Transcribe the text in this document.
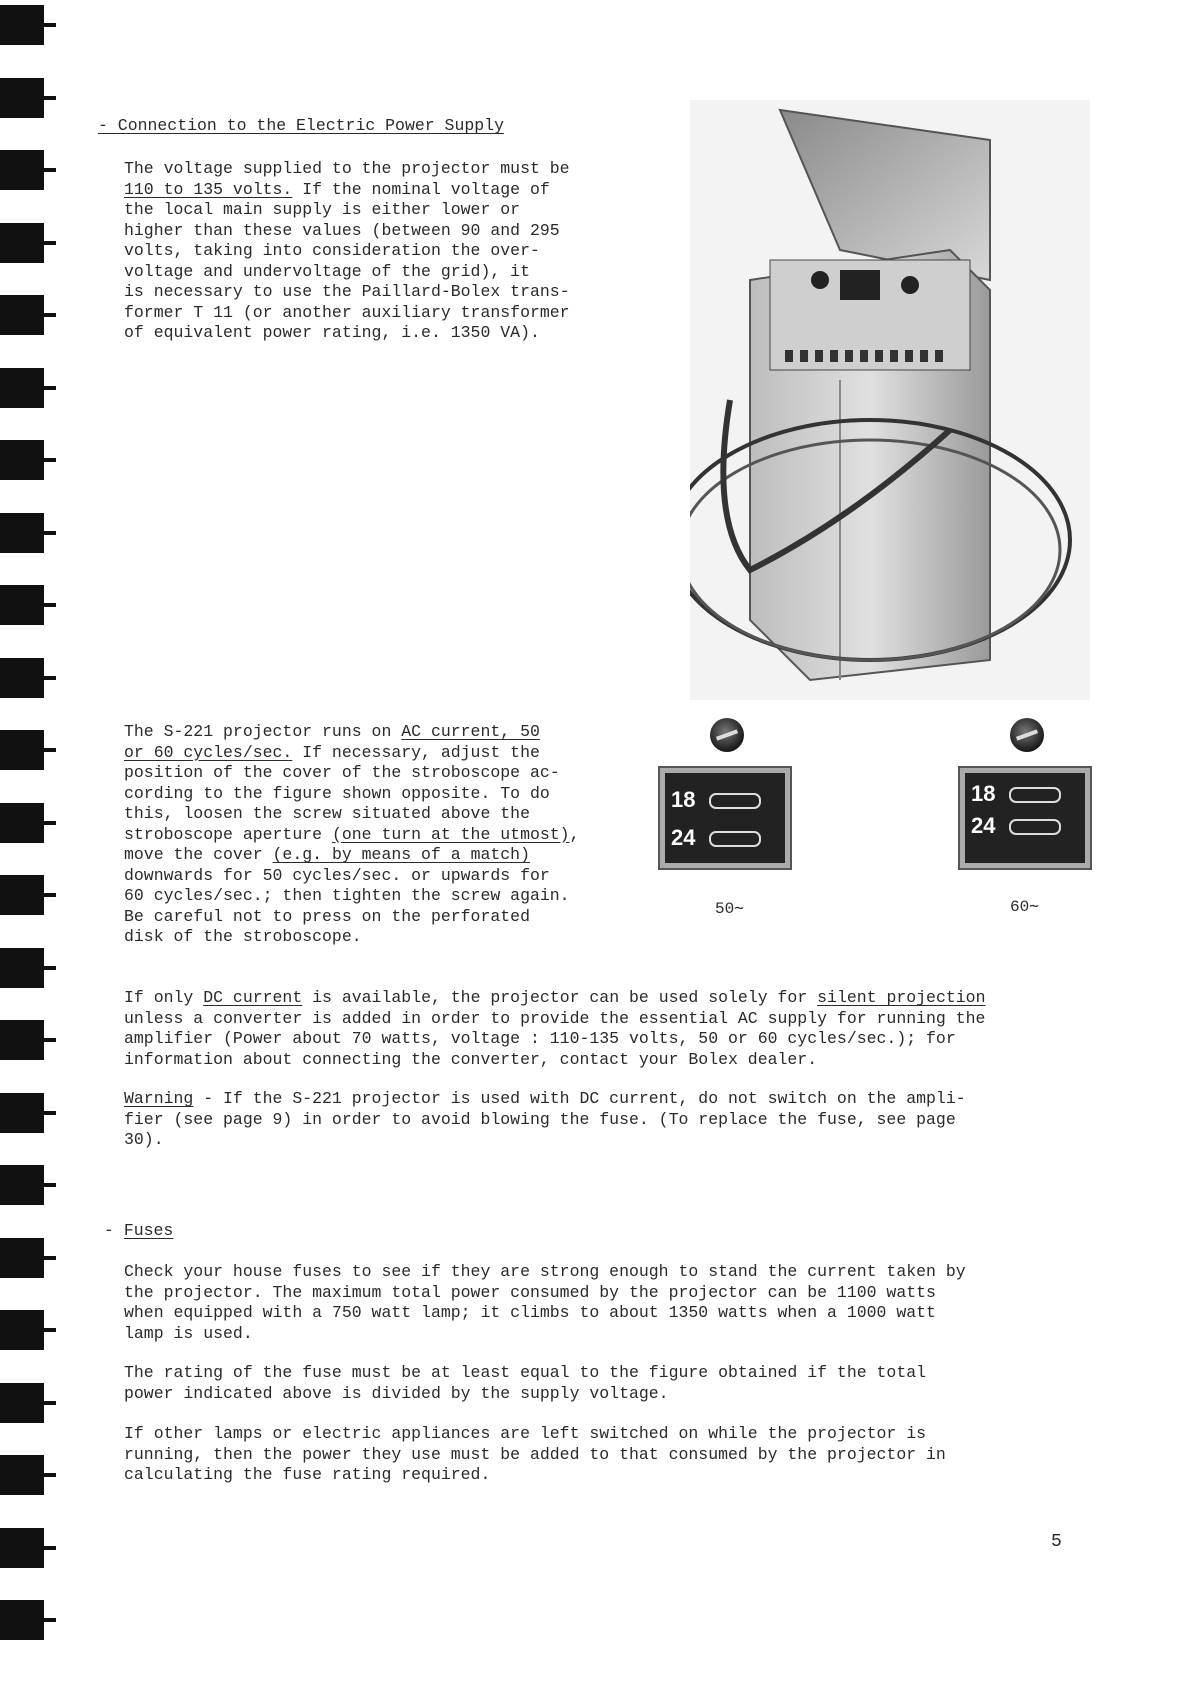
- Connection to the Electric Power Supply

The voltage supplied to the projector must be

110 to 135 volts. If the nominal voltage of

the local main supply is either lower or

higher than these values (between 90 and 295

volts, taking into consideration the over-

voltage and undervoltage of the grid), it

is necessary to use the Paillard-Bolex trans-

former T 11 (or another auxiliary transformer

of equivalent power rating, i.e. 1350 VA).

The S-221 projector runs on AC current, 50

or 60 cycles/sec. If necessary, adjust the

position of the cover of the stroboscope ac-

cording to the figure shown opposite. To do

this, loosen the screw situated above the

stroboscope aperture (one turn at the utmost),

move the cover (e.g. by means of a match)

downwards for 50 cycles/sec. or upwards for

60 cycles/sec.; then tighten the screw again.

Be careful not to press on the perforated

disk of the stroboscope.

18
24
50∼
18
24
60∼

If only DC current is available, the projector can be used solely for silent projection

unless a converter is added in order to provide the essential AC supply for running the

amplifier (Power about 70 watts, voltage : 110-135 volts, 50 or 60 cycles/sec.); for

information about connecting the converter, contact your Bolex dealer.

Warning - If the S-221 projector is used with DC current, do not switch on the ampli-

fier (see page 9) in order to avoid blowing the fuse. (To replace the fuse, see page

30).

- Fuses

Check your house fuses to see if they are strong enough to stand the current taken by

the projector. The maximum total power consumed by the projector can be 1100 watts

when equipped with a 750 watt lamp; it climbs to about 1350 watts when a 1000 watt

lamp is used.

The rating of the fuse must be at least equal to the figure obtained if the total

power indicated above is divided by the supply voltage.

If other lamps or electric appliances are left switched on while the projector is

running, then the power they use must be added to that consumed by the projector in

calculating the fuse rating required.

5
